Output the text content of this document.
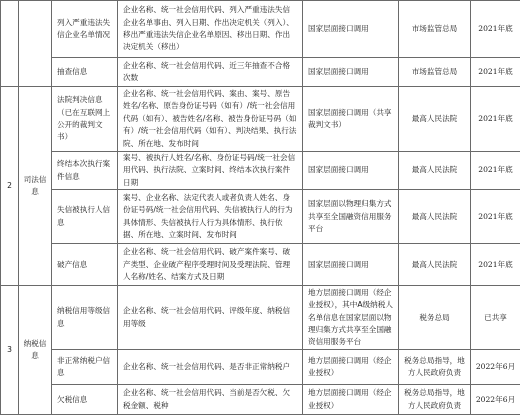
		列入严重违法失信企业名单情况	企业名称、统一社会信用代码、列入严重违法失信企业名单事由、列入日期、作出决定机关（列入）、移出严重违法失信企业名单原因、移出日期、作出决定机关（移出）	国家层面接口调用	市场监管总局	2021年底
		抽查信息	企业名称、统一社会信用代码、近三年抽查不合格次数	国家层面接口调用	市场监管总局	2021年底
2	司法信息	法院判决信息（已在互联网上公开的裁判文书）	企业名称、统一社会信用代码、案由、案号、原告姓名/名称、原告身份证号码（如有）/统一社会信用代码（如有）、被告姓名/名称、被告身份证号码（如有）/统一社会信用代码（如有）、判决结果、执行法院、所在地、发布时间	国家层面接口调用（共享裁判文书）	最高人民法院	2021年底
		终结本次执行案件信息	案号、被执行人姓名/名称、身份证号码/统一社会信用代码、执行法院、立案时间、终结本次执行案件日期	国家层面接口调用	最高人民法院	2021年底
		失信被执行人信息	案号、企业名称、法定代表人或者负责人姓名、身份证号码/统一社会信用代码、失信被执行人的行为具体情形、失信被执行人行为具体情形、执行依据、所在地、立案时间、发布时间	国家层面以物理归集方式共享至全国融资信用服务平台	最高人民法院	2021年底
		破产信息	企业名称、统一社会信用代码、破产案件案号、破产类型、企业破产程序受理时间及受理法院、管理人名称/姓名、结案方式及日期	国家层面接口调用	最高人民法院	2021年底
3	纳税信息	纳税信用等级信息	企业名称、统一社会信用代码、评级年度、纳税信用等级	地方层面接口调用（经企业授权），其中A级纳税人名单信息在国家层面以物理归集方式共享至全国融资信用服务平台	税务总局	已共享
		非正常纳税户信息	企业名称、统一社会信用代码、是否非正常纳税户	地方层面接口调用（经企业授权）	税务总局指导，地方人民政府负责	2022年6月
		欠税信息	企业名称、统一社会信用代码、当前是否欠税、欠税金额、税种	地方层面接口调用（经企业授权）	税务总局指导，地方人民政府负责	2022年6月
